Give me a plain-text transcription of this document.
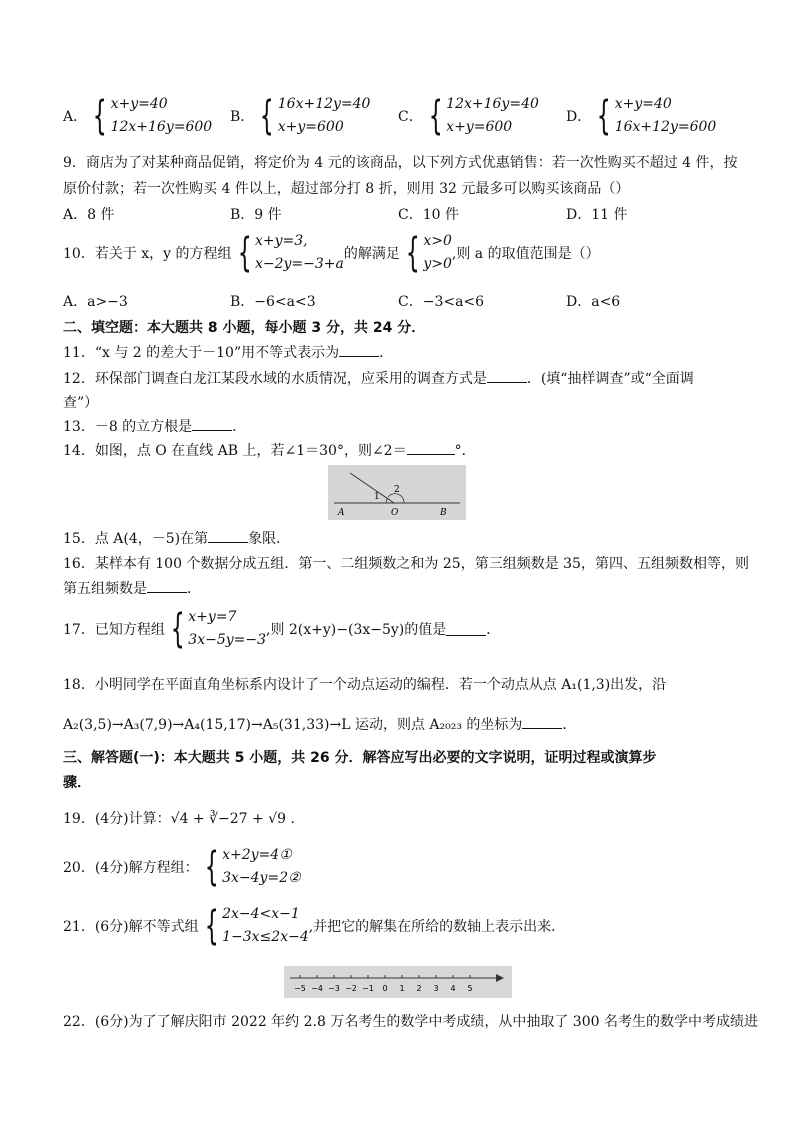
A． { x+y=40
12x+16y=600
B． { 16x+12y=40
x+y=600
C． { 12x+16y=40
x+y=600
D． { x+y=40
16x+12y=600
9．商店为了对某种商品促销，将定价为 4 元的该商品，以下列方式优惠销售：若一次性购买不超过 4 件，按
原价付款；若一次性购买 4 件以上，超过部分打 8 折，则用 32 元最多可以购买该商品（）
A．8 件	B．9 件	C．10 件	D．11 件
10．若关于 x，y 的方程组 { x+y=3,
x−2y=−3+a
的解满足 { x>0
y>0
,则 a 的取值范围是（）
A．a>−3	B．−6<a<3	C．−3<a<6	D．a<6
二、填空题：本大题共 8 小题，每小题 3 分，共 24 分．
11．“x 与 2 的差大于－10”用不等式表示为	．
12．环保部门调查白龙江某段水域的水质情况，应采用的调查方式是	．(填“抽样调查”或“全面调
查”）
13．－8 的立方根是	．
14．如图，点 O 在直线 AB 上，若∠1＝30°，则∠2＝	°．
1
2
A	O	B
15．点 A(4，－5)在第	象限．
16．某样本有 100 个数据分成五组．第一、二组频数之和为 25，第三组频数是 35，第四、五组频数相等，则
第五组频数是	．
17．已知方程组 { x+y=7
3x−5y=−3
,则 2(x+y)−(3x−5y)的值是	．
18．小明同学在平面直角坐标系内设计了一个动点运动的编程．若一个动点从点 A₁(1,3)出发，沿
A₂(3,5)→A₃(7,9)→A₄(15,17)→A₅(31,33)→L 运动，则点 A₂₀₂₃ 的坐标为	．
三、解答题(一)：本大题共 5 小题，共 26 分．解答应写出必要的文字说明，证明过程或演算步
骤．
19．(4分)计算：√4 + ∛−27 + √9 ．
20．(4分)解方程组： { x+2y=4①
3x−4y=2②
21．(6分)解不等式组 { 2x−4<x−1
1−3x≤2x−4
,并把它的解集在所给的数轴上表示出来．
−5 −4 −3 −2 −1 0 1 2 3 4 5
22．(6分)为了了解庆阳市 2022 年约 2.8 万名考生的数学中考成绩，从中抽取了 300 名考生的数学中考成绩进
